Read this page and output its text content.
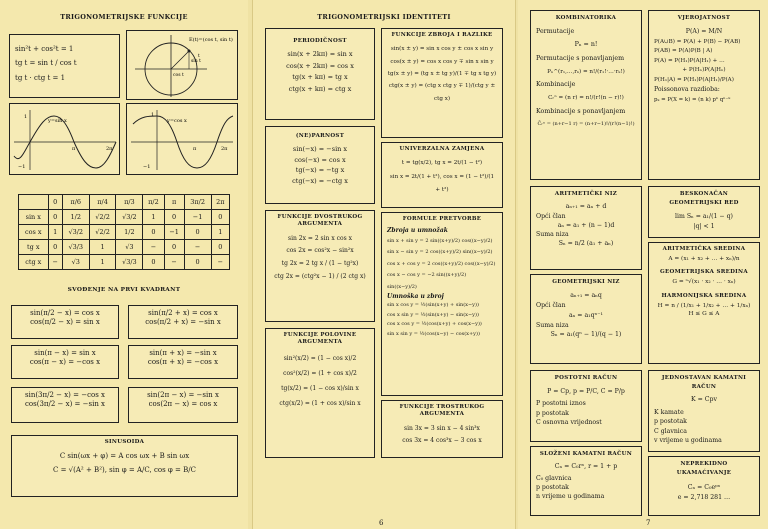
TRIGONOMETRIJSKE FUNKCIJE
sin²t + cos²t = 1
tg t = sin t / cos t
tg t · ctg t = 1
E(t)=(cos t, sin t)
sin t
cos t
t
y=sin x
1
−1
π	2π
y=cos x
1
−1
π	2π
	0	π/6	π/4	π/3	π/2	π	3π/2	2π
sin x	0	1/2	√2/2	√3/2	1	0	−1	0
cos x	1	√3/2	√2/2	1/2	0	−1	0	1
tg x	0	√3/3	1	√3	−	0	−	0
ctg x	−	√3	1	√3/3	0	−	0	−
SVOĐENJE NA PRVI KVADRANT
sin(π/2 − x) = cos x
cos(π/2 − x) = sin x
sin(π/2 + x) = cos x
cos(π/2 + x) = −sin x
sin(π − x) = sin x
cos(π − x) = −cos x
sin(π + x) = −sin x
cos(π + x) = −cos x
sin(3π/2 − x) = −cos x
cos(3π/2 − x) = −sin x
sin(2π − x) = −sin x
cos(2π − x) = cos x
SINUSOIDA
C sin(ωx + φ) = A cos ωx + B sin ωx
C = √(A² + B²), sin φ = A/C, cos φ = B/C
TRIGONOMETRIJSKI IDENTITETI
PERIODIČNOST
sin(x + 2kπ) = sin x
cos(x + 2kπ) = cos x
tg(x + kπ) = tg x
ctg(x + kπ) = ctg x
(NE)PARNOST
sin(−x) = −sin x
cos(−x) = cos x
tg(−x) = −tg x
ctg(−x) = −ctg x
FUNKCIJE DVOSTRUKOG ARGUMENTA
sin 2x = 2 sin x cos x
cos 2x = cos²x − sin²x
tg 2x = 2 tg x / (1 − tg²x)
ctg 2x = (ctg²x − 1) / (2 ctg x)
FUNKCIJE POLOVINE ARGUMENTA
sin²(x/2) = (1 − cos x)/2
cos²(x/2) = (1 + cos x)/2
tg(x/2) = (1 − cos x)/sin x
ctg(x/2) = (1 + cos x)/sin x
FUNKCIJE ZBROJA I RAZLIKE
sin(x ± y) = sin x cos y ± cos x sin y
cos(x ± y) = cos x cos y ∓ sin x sin y
tg(x ± y) = (tg x ± tg y)/(1 ∓ tg x tg y)
ctg(x ± y) = (ctg x ctg y ∓ 1)/(ctg y ± ctg x)
UNIVERZALNA ZAMJENA
t = tg(x/2), tg x = 2t/(1 − t²)
sin x = 2t/(1 + t²), cos x = (1 − t²)/(1 + t²)
FORMULE PRETVORBE
Zbroja u umnožak
sin x + sin y = 2 sin((x+y)/2) cos((x−y)/2)
sin x − sin y = 2 cos((x+y)/2) sin((x−y)/2)
cos x + cos y = 2 cos((x+y)/2) cos((x−y)/2)
cos x − cos y = −2 sin((x+y)/2) sin((x−y)/2)
Umnoška u zbroj
sin x cos y = ½(sin(x+y) + sin(x−y))
cos x sin y = ½(sin(x+y) − sin(x−y))
cos x cos y = ½(cos(x+y) + cos(x−y))
sin x sin y = ½(cos(x−y) − cos(x+y))
FUNKCIJE TROSTRUKOG ARGUMENTA
sin 3x = 3 sin x − 4 sin³x
cos 3x = 4 cos³x − 3 cos x
6
KOMBINATORIKA
Permutacije
Pₙ = n!
Permutacije s ponavljanjem
Pₙ^(r₁,…,rₖ) = n!/(r₁!·…·rₖ!)
Kombinacije
Cᵣⁿ = (n r) = n!/(r!(n − r)!)
Kombinacije s ponavljanjem
C̄ᵣⁿ = (n+r−1 r) = (n+r−1)!/(r!(n−1)!)
VJEROJATNOST
P(A) = M/N
P(A∪B) = P(A) + P(B) − P(AB)
P(AB) = P(A)P(B | A)
P(A) = P(H₁)P(A|H₁) + …
+ P(Hₙ)P(A|Hₙ)
P(H₁|A) = P(H₁)P(A|H₁)/P(A)
Poissonova razdioba:
pₖ = P(X = k) = (n k) pᵏ qⁿ⁻ᵏ
ARITMETIČKI NIZ
aₙ₊₁ = aₙ + d
Opći član
aₙ = a₁ + (n − 1)d
Suma niza
Sₙ = n/2 (a₁ + aₙ)
GEOMETRIJSKI NIZ
aₙ₊₁ = aₙq
Opći član
aₙ = a₁qⁿ⁻¹
Suma niza
Sₙ = a₁(qⁿ − 1)/(q − 1)
BESKONAČAN GEOMETRIJSKI RED
lim Sₙ = a₁/(1 − q)
|q| < 1
ARITMETIČKA SREDINA
A = (x₁ + x₂ + … + xₙ)/n
GEOMETRIJSKA SREDINA
G = ⁿ√(x₁ · x₂ · … · xₙ)
HARMONIJSKA SREDINA
H = n / (1/x₁ + 1/x₂ + … + 1/xₙ)
H ≤ G ≤ A
POSTOTNI RAČUN
P = Cp, p = P/C, C = P/p
P postotni iznos
p postotak
C osnovna vrijednost
SLOŽENI KAMATNI RAČUN
Cₙ = C₀rⁿ, r = 1 + p
C₀ glavnica
p postotak
n vrijeme u godinama
JEDNOSTAVAN KAMATNI RAČUN
K = Cpv
K kamate
p postotak
C glavnica
v vrijeme u godinama
NEPREKIDNO UKAMAĆIVANJE
Cₙ = C₀eᵖⁿ
e = 2,718 281 …
7
